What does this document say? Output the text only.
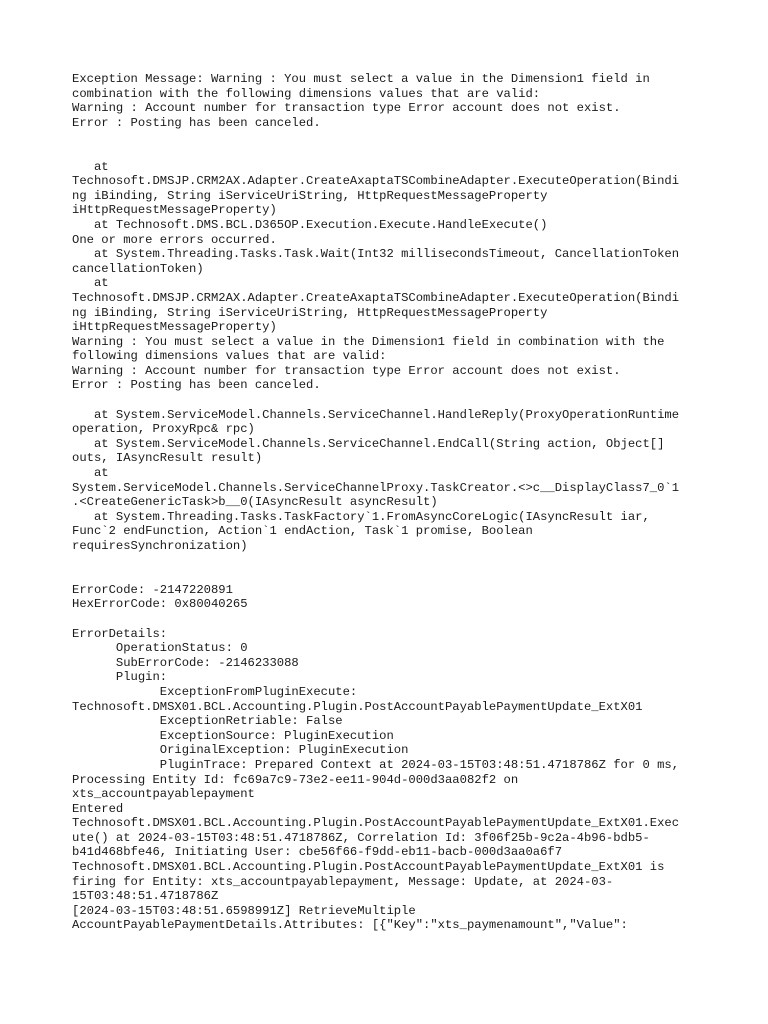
Exception Message: Warning : You must select a value in the Dimension1 field in
combination with the following dimensions values that are valid:
Warning : Account number for transaction type Error account does not exist.
Error : Posting has been canceled.

at
Technosoft.DMSJP.CRM2AX.Adapter.CreateAxaptaTSCombineAdapter.ExecuteOperation(Bindi
ng iBinding, String iServiceUriString, HttpRequestMessageProperty
iHttpRequestMessageProperty)
at Technosoft.DMS.BCL.D365OP.Execution.Execute.HandleExecute()
One or more errors occurred.
at System.Threading.Tasks.Task.Wait(Int32 millisecondsTimeout, CancellationToken
cancellationToken)
at
Technosoft.DMSJP.CRM2AX.Adapter.CreateAxaptaTSCombineAdapter.ExecuteOperation(Bindi
ng iBinding, String iServiceUriString, HttpRequestMessageProperty
iHttpRequestMessageProperty)
Warning : You must select a value in the Dimension1 field in combination with the
following dimensions values that are valid:
Warning : Account number for transaction type Error account does not exist.
Error : Posting has been canceled.

at System.ServiceModel.Channels.ServiceChannel.HandleReply(ProxyOperationRuntime
operation, ProxyRpc& rpc)
at System.ServiceModel.Channels.ServiceChannel.EndCall(String action, Object[]
outs, IAsyncResult result)
at
System.ServiceModel.Channels.ServiceChannelProxy.TaskCreator.<>c__DisplayClass7_0`1
.<CreateGenericTask>b__0(IAsyncResult asyncResult)
at System.Threading.Tasks.TaskFactory`1.FromAsyncCoreLogic(IAsyncResult iar,
Func`2 endFunction, Action`1 endAction, Task`1 promise, Boolean
requiresSynchronization)

ErrorCode: -2147220891
HexErrorCode: 0x80040265

ErrorDetails:
OperationStatus: 0
SubErrorCode: -2146233088
Plugin:
ExceptionFromPluginExecute:
Technosoft.DMSX01.BCL.Accounting.Plugin.PostAccountPayablePaymentUpdate_ExtX01
ExceptionRetriable: False
ExceptionSource: PluginExecution
OriginalException: PluginExecution
PluginTrace: Prepared Context at 2024-03-15T03:48:51.4718786Z for 0 ms,
Processing Entity Id: fc69a7c9-73e2-ee11-904d-000d3aa082f2 on
xts_accountpayablepayment
Entered
Technosoft.DMSX01.BCL.Accounting.Plugin.PostAccountPayablePaymentUpdate_ExtX01.Exec
ute() at 2024-03-15T03:48:51.4718786Z, Correlation Id: 3f06f25b-9c2a-4b96-bdb5-
b41d468bfe46, Initiating User: cbe56f66-f9dd-eb11-bacb-000d3aa0a6f7
Technosoft.DMSX01.BCL.Accounting.Plugin.PostAccountPayablePaymentUpdate_ExtX01 is
firing for Entity: xts_accountpayablepayment, Message: Update, at 2024-03-
15T03:48:51.4718786Z
[2024-03-15T03:48:51.6598991Z] RetrieveMultiple
AccountPayablePaymentDetails.Attributes: [{"Key":"xts_paymenamount","Value":
